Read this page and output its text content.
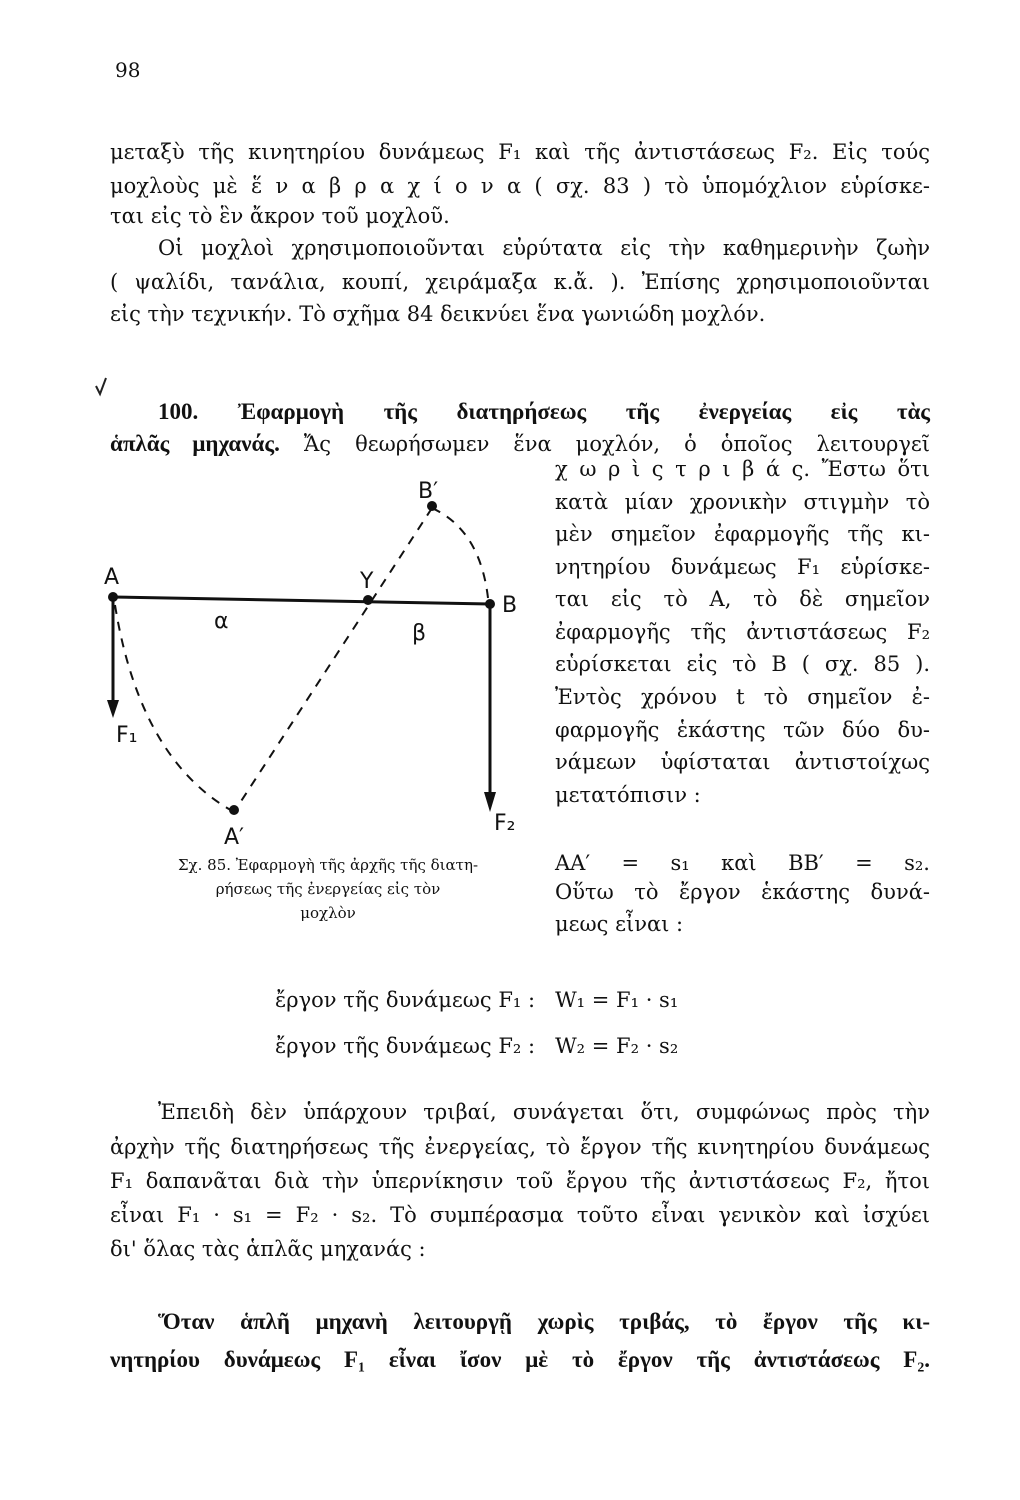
98
μεταξὺ τῆς κινητηρίου δυνάμεως F₁ καὶ τῆς ἀντιστάσεως F₂. Εἰς τούς
μοχλοὺς μὲ ἕ ν α β ρ α χ ί ο ν α ( σχ. 83 ) τὸ ὑπομόχλιον εὑρίσκε-
ται εἰς τὸ ἓν ἄκρον τοῦ μοχλοῦ.
Οἱ μοχλοὶ χρησιμοποιοῦνται εὐρύτατα εἰς τὴν καθημερινὴν ζωὴν
( ψαλίδι, τανάλια, κουπί, χειράμαξα κ.ἄ. ). Ἐπίσης χρησιμοποιοῦνται
εἰς τὴν τεχνικήν. Τὸ σχῆμα 84 δεικνύει ἕνα γωνιώδη μοχλόν.
100. Ἐφαρμογὴ τῆς διατηρήσεως τῆς ἐνεργείας εἰς τὰς
ἁπλᾶς μηχανάς. Ἄς θεωρήσωμεν ἕνα μοχλόν, ὁ ὁποῖος λειτουργεῖ
χ ω ρ ὶ ς τ ρ ι β ά ς. Ἔστω ὅτι
κατὰ μίαν χρονικὴν στιγμὴν τὸ
μὲν σημεῖον ἐφαρμογῆς τῆς κι-
νητηρίου δυνάμεως F₁ εὑρίσκε-
ται εἰς τὸ Α, τὸ δὲ σημεῖον
ἐφαρμογῆς τῆς ἀντιστάσεως F₂
εὑρίσκεται εἰς τὸ Β ( σχ. 85 ).
Ἐντὸς χρόνου t τὸ σημεῖον ἐ-
φαρμογῆς ἑκάστης τῶν δύο δυ-
νάμεων ὑφίσταται ἀντιστοίχως
μετατόπισιν :
ΑΑ′ = s₁ καὶ ΒΒ′ = s₂.
Οὕτω τὸ ἔργον ἑκάστης δυνά-
μεως εἶναι :
A
α
Y
β
B
B′
F₁
F₂
A′
Σχ. 85. Ἐφαρμογὴ τῆς ἀρχῆς τῆς διατη-
ρήσεως τῆς ἐνεργείας εἰς τὸν
μοχλὸν
ἔργον τῆς δυνάμεως F₁ :   W₁ = F₁ · s₁
ἔργον τῆς δυνάμεως F₂ :   W₂ = F₂ · s₂
Ἐπειδὴ δὲν ὑπάρχουν τριβαί, συνάγεται ὅτι, συμφώνως πρὸς τὴν
ἀρχὴν τῆς διατηρήσεως τῆς ἐνεργείας, τὸ ἔργον τῆς κινητηρίου δυνάμεως
F₁ δαπανᾶται διὰ τὴν ὑπερνίκησιν τοῦ ἔργου τῆς ἀντιστάσεως F₂, ἤτοι
εἶναι F₁ · s₁ = F₂ · s₂. Τὸ συμπέρασμα τοῦτο εἶναι γενικὸν καὶ ἰσχύει
δι' ὅλας τὰς ἁπλᾶς μηχανάς :
Ὅταν ἁπλῆ μηχανὴ λειτουργῇ χωρὶς τριβάς, τὸ ἔργον τῆς κι-
νητηρίου δυνάμεως F₁ εἶναι ἴσον μὲ τὸ ἔργον τῆς ἀντιστάσεως F₂.
